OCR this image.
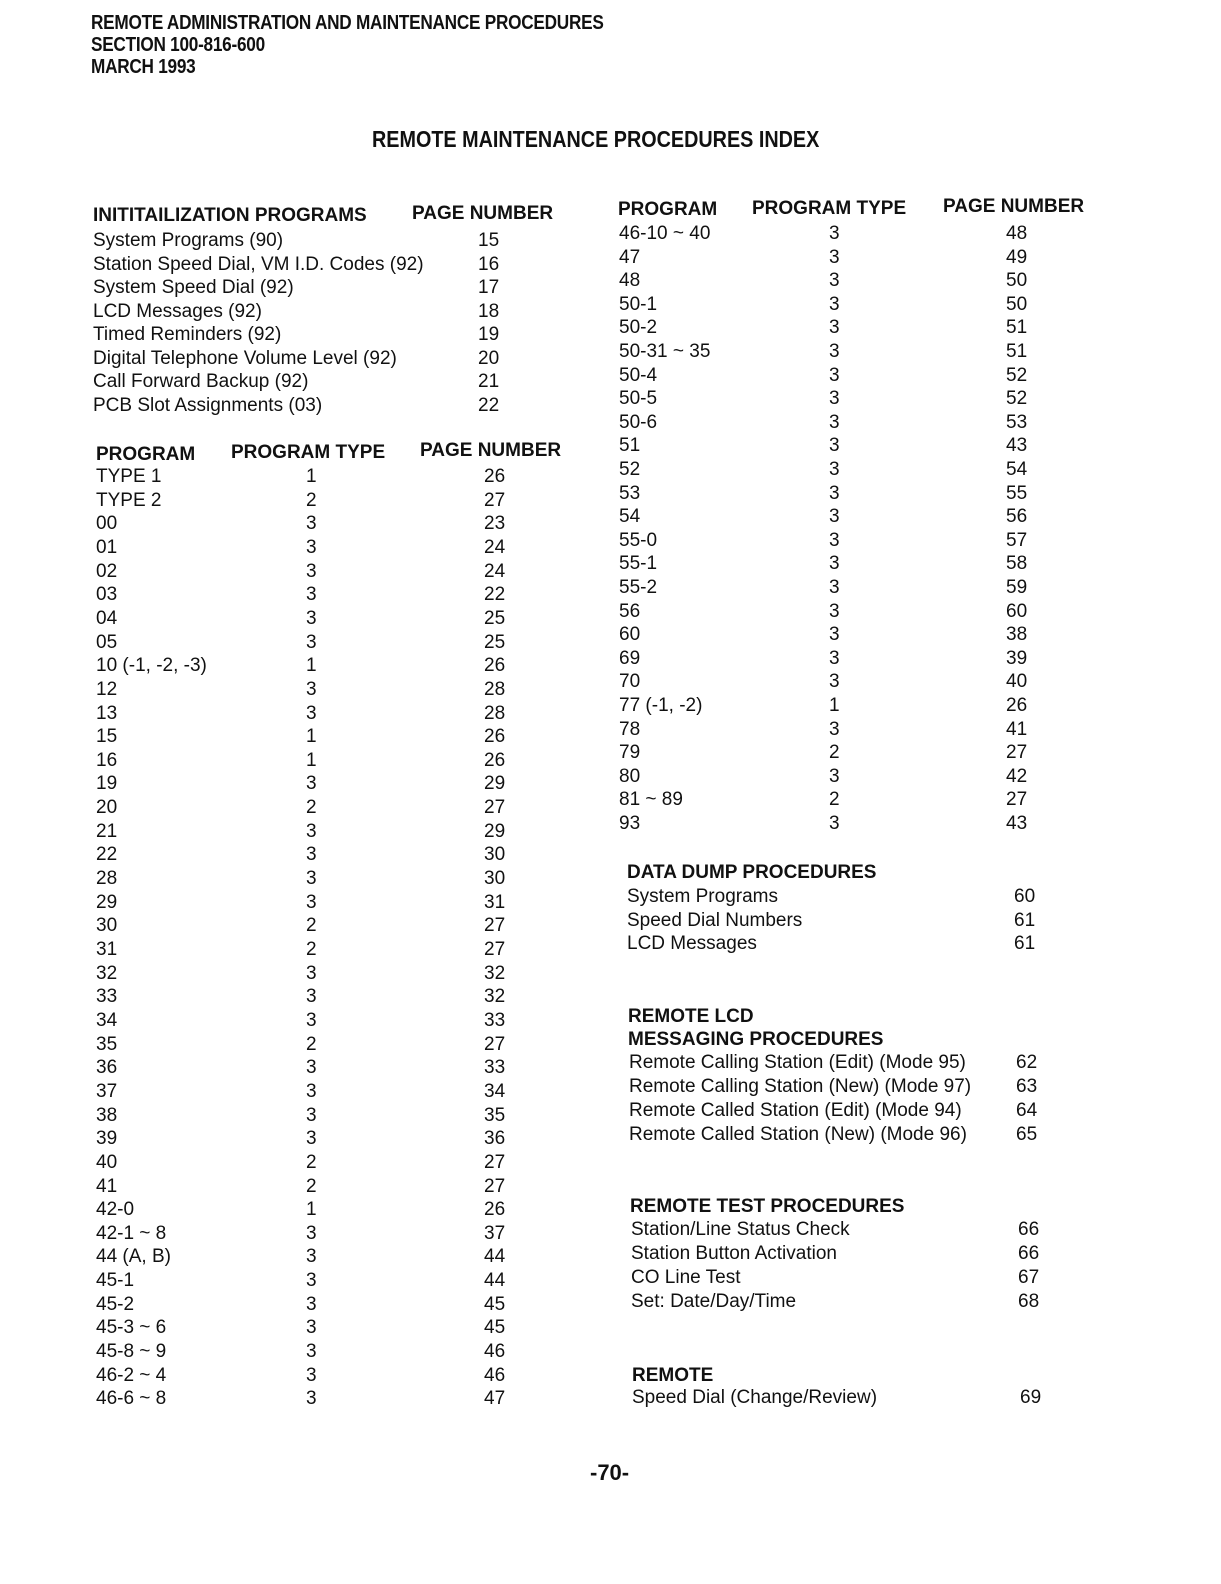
REMOTE ADMINISTRATION AND MAINTENANCE PROCEDURES
SECTION 100-816-600
MARCH 1993
REMOTE MAINTENANCE PROCEDURES INDEX
INITITAILIZATION PROGRAMS PAGE NUMBER
System Programs (90)	15
Station Speed Dial, VM I.D. Codes (92)	16
System Speed Dial (92)	17
LCD Messages (92)	18
Timed Reminders (92)	19
Digital Telephone Volume Level (92)	20
Call Forward Backup (92)	21
PCB Slot Assignments (03)	22
PROGRAM PROGRAM TYPE PAGE NUMBER
TYPE 1	1	26
TYPE 2	2	27
00	3	23
01	3	24
02	3	24
03	3	22
04	3	25
05	3	25
10 (-1, -2, -3)	1	26
12	3	28
13	3	28
15	1	26
16	1	26
19	3	29
20	2	27
21	3	29
22	3	30
28	3	30
29	3	31
30	2	27
31	2	27
32	3	32
33	3	32
34	3	33
35	2	27
36	3	33
37	3	34
38	3	35
39	3	36
40	2	27
41	2	27
42-0	1	26
42-1 ~ 8	3	37
44 (A, B)	3	44
45-1	3	44
45-2	3	45
45-3 ~ 6	3	45
45-8 ~ 9	3	46
46-2 ~ 4	3	46
46-6 ~ 8	3	47
PROGRAM PROGRAM TYPE PAGE NUMBER
46-10 ~ 40	3	48
47	3	49
48	3	50
50-1	3	50
50-2	3	51
50-31 ~ 35	3	51
50-4	3	52
50-5	3	52
50-6	3	53
51	3	43
52	3	54
53	3	55
54	3	56
55-0	3	57
55-1	3	58
55-2	3	59
56	3	60
60	3	38
69	3	39
70	3	40
77 (-1, -2)	1	26
78	3	41
79	2	27
80	3	42
81 ~ 89	2	27
93	3	43
DATA DUMP PROCEDURES
System Programs	60
Speed Dial Numbers	61
LCD Messages	61
REMOTE LCD
MESSAGING PROCEDURES
Remote Calling Station (Edit) (Mode 95)	62
Remote Calling Station (New) (Mode 97) 63
Remote Called Station (Edit) (Mode 94)	64
Remote Called Station (New) (Mode 96)	65
REMOTE TEST PROCEDURES
Station/Line Status Check	66
Station Button Activation	66
CO Line Test	67
Set: Date/Day/Time	68
REMOTE
Speed Dial (Change/Review)	69
-70-
